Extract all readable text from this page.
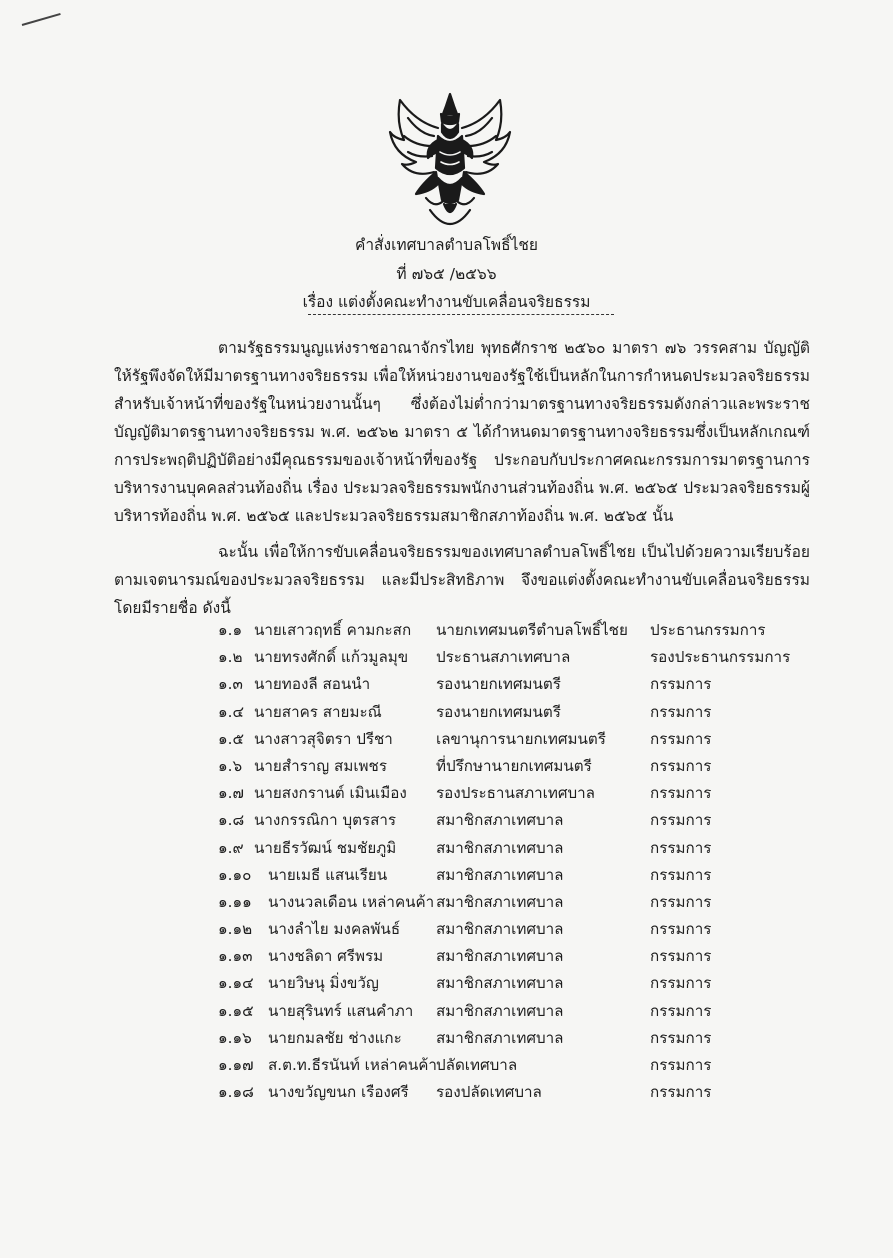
คำสั่งเทศบาลตำบลโพธิ์ไชย
ที่ ๗๖๕ /๒๕๖๖
เรื่อง แต่งตั้งคณะทำงานขับเคลื่อนจริยธรรม

ตามรัฐธรรมนูญแห่งราชอาณาจักรไทย พุทธศักราช ๒๕๖๐ มาตรา ๗๖ วรรคสาม บัญญัติให้รัฐพึงจัดให้มีมาตรฐานทางจริยธรรม เพื่อให้หน่วยงานของรัฐใช้เป็นหลักในการกำหนดประมวลจริยธรรมสำหรับเจ้าหน้าที่ของรัฐในหน่วยงานนั้นๆ ซึ่งต้องไม่ต่ำกว่ามาตรฐานทางจริยธรรมดังกล่าวและพระราชบัญญัติมาตรฐานทางจริยธรรม พ.ศ. ๒๕๖๒ มาตรา ๕ ได้กำหนดมาตรฐานทางจริยธรรมซึ่งเป็นหลักเกณฑ์การประพฤติปฏิบัติอย่างมีคุณธรรมของเจ้าหน้าที่ของรัฐ ประกอบกับประกาศคณะกรรมการมาตรฐานการบริหารงานบุคคลส่วนท้องถิ่น เรื่อง ประมวลจริยธรรมพนักงานส่วนท้องถิ่น พ.ศ. ๒๕๖๕ ประมวลจริยธรรมผู้บริหารท้องถิ่น พ.ศ. ๒๕๖๕ และประมวลจริยธรรมสมาชิกสภาท้องถิ่น พ.ศ. ๒๕๖๕ นั้น

ฉะนั้น เพื่อให้การขับเคลื่อนจริยธรรมของเทศบาลตำบลโพธิ์ไชย เป็นไปด้วยความเรียบร้อยตามเจตนารมณ์ของประมวลจริยธรรม และมีประสิทธิภาพ จึงขอแต่งตั้งคณะทำงานขับเคลื่อนจริยธรรม โดยมีรายชื่อ ดังนี้

๑.๑ นายเสาวฤทธิ์ คามกะสก นายกเทศมนตรีตำบลโพธิ์ไชย ประธานกรรมการ
๑.๒ นายทรงศักดิ์ แก้วมูลมุข ประธานสภาเทศบาล	รองประธานกรรมการ
๑.๓ นายทองลี สอนนำ	รองนายกเทศมนตรี	กรรมการ
๑.๔ นายสาคร สายมะณี	รองนายกเทศมนตรี	กรรมการ
๑.๕ นางสาวสุจิตรา ปรีชา	เลขานุการนายกเทศมนตรี	กรรมการ
๑.๖ นายสำราญ สมเพชร	ที่ปรึกษานายกเทศมนตรี	กรรมการ
๑.๗ นายสงกรานต์ เมินเมือง รองประธานสภาเทศบาล	กรรมการ
๑.๘ นางกรรณิกา บุตรสาร	สมาชิกสภาเทศบาล	กรรมการ
๑.๙ นายธีรวัฒน์ ชมชัยภูมิ	สมาชิกสภาเทศบาล	กรรมการ
๑.๑๐ นายเมธี แสนเรียน	สมาชิกสภาเทศบาล	กรรมการ
๑.๑๑ นางนวลเดือน เหล่าคนค้า สมาชิกสภาเทศบาล	กรรมการ
๑.๑๒ นางลำไย มงคลพันธ์ สมาชิกสภาเทศบาล	กรรมการ
๑.๑๓ นางชลิดา ศรีพรม	สมาชิกสภาเทศบาล	กรรมการ
๑.๑๔ นายวิษนุ มิ่งขวัญ	สมาชิกสภาเทศบาล	กรรมการ
๑.๑๕ นายสุรินทร์ แสนคำภา สมาชิกสภาเทศบาล	กรรมการ
๑.๑๖ นายกมลชัย ช่างแกะ สมาชิกสภาเทศบาล	กรรมการ
๑.๑๗ ส.ต.ท.ธีรนันท์ เหล่าคนค้า ปลัดเทศบาล	กรรมการ
๑.๑๘ นางขวัญขนก เรืองศรี รองปลัดเทศบาล	กรรมการ
